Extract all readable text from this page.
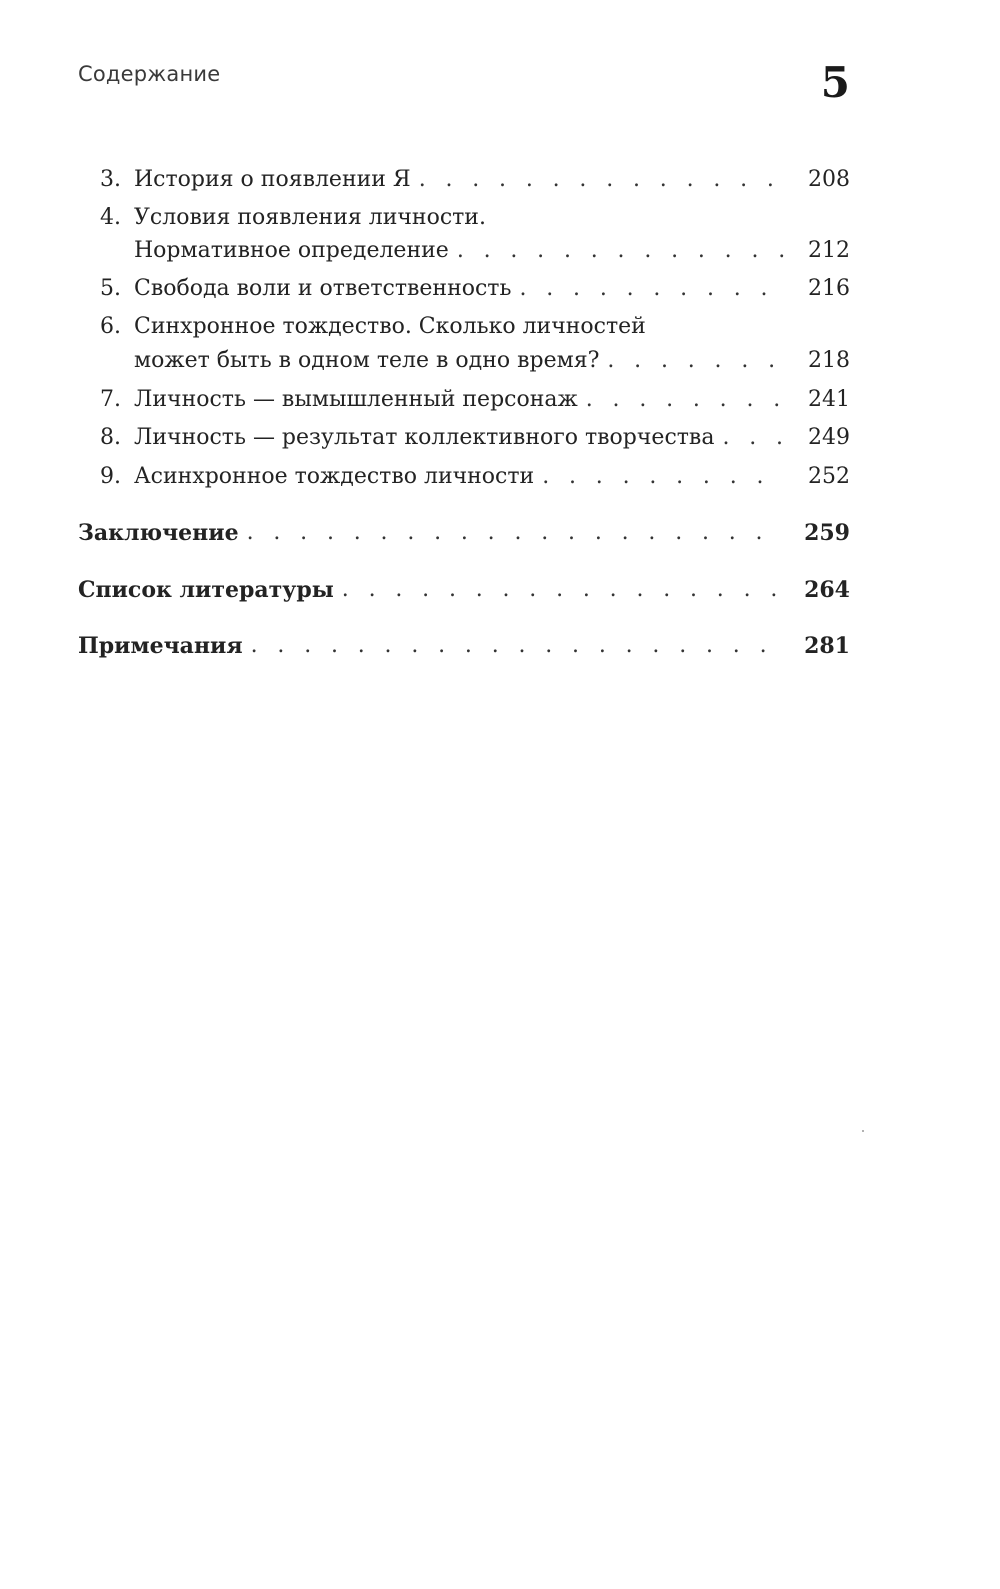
Содержание	5
3. История о появлении Я . . .	208
4. Условия появления личности.
Нормативное определение . . .	212
5. Свобода воли и ответственность . . .	216
6. Синхронное тождество. Сколько личностей
может быть в одном теле в одно время? . . .	218
7. Личность — вымышленный персонаж . . .	241
8. Личность — результат коллективного творчества . . .	249
9. Асинхронное тождество личности . . .	252
Заключение . . .	259
Список литературы . . .	264
Примечания . . .	281
